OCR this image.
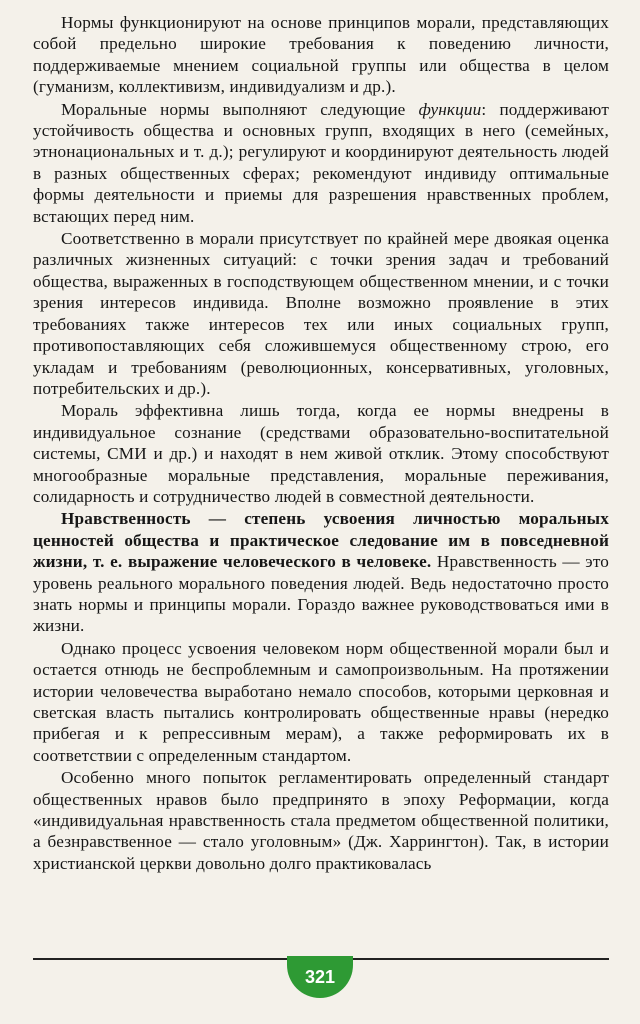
Нормы функционируют на основе принципов морали, представляющих собой предельно широкие требования к поведению личности, поддерживаемые мнением социальной группы или общества в целом (гуманизм, коллективизм, индивидуализм и др.).

Моральные нормы выполняют следующие функции: поддерживают устойчивость общества и основных групп, входящих в него (семейных, этнонациональных и т. д.); регулируют и координируют деятельность людей в разных общественных сферах; рекомендуют индивиду оптимальные формы деятельности и приемы для разрешения нравственных проблем, встающих перед ним.

Соответственно в морали присутствует по крайней мере двоякая оценка различных жизненных ситуаций: с точки зрения задач и требований общества, выраженных в господствующем общественном мнении, и с точки зрения интересов индивида. Вполне возможно проявление в этих требованиях также интересов тех или иных социальных групп, противопоставляющих себя сложившемуся общественному строю, его укладам и требованиям (революционных, консервативных, уголовных, потребительских и др.).

Мораль эффективна лишь тогда, когда ее нормы внедрены в индивидуальное сознание (средствами образовательно-воспитательной системы, СМИ и др.) и находят в нем живой отклик. Этому способствуют многообразные моральные представления, моральные переживания, солидарность и сотрудничество людей в совместной деятельности.

Нравственность — степень усвоения личностью моральных ценностей общества и практическое следование им в повседневной жизни, т. е. выражение человеческого в человеке. Нравственность — это уровень реального морального поведения людей. Ведь недостаточно просто знать нормы и принципы морали. Гораздо важнее руководствоваться ими в жизни.

Однако процесс усвоения человеком норм общественной морали был и остается отнюдь не беспроблемным и самопроизвольным. На протяжении истории человечества выработано немало способов, которыми церковная и светская власть пытались контролировать общественные нравы (нередко прибегая и к репрессивным мерам), а также реформировать их в соответствии с определенным стандартом.

Особенно много попыток регламентировать определенный стандарт общественных нравов было предпринято в эпоху Реформации, когда «индивидуальная нравственность стала предметом общественной политики, а безнравственное — стало уголовным» (Дж. Харрингтон). Так, в истории христианской церкви довольно долго практиковалась

321
